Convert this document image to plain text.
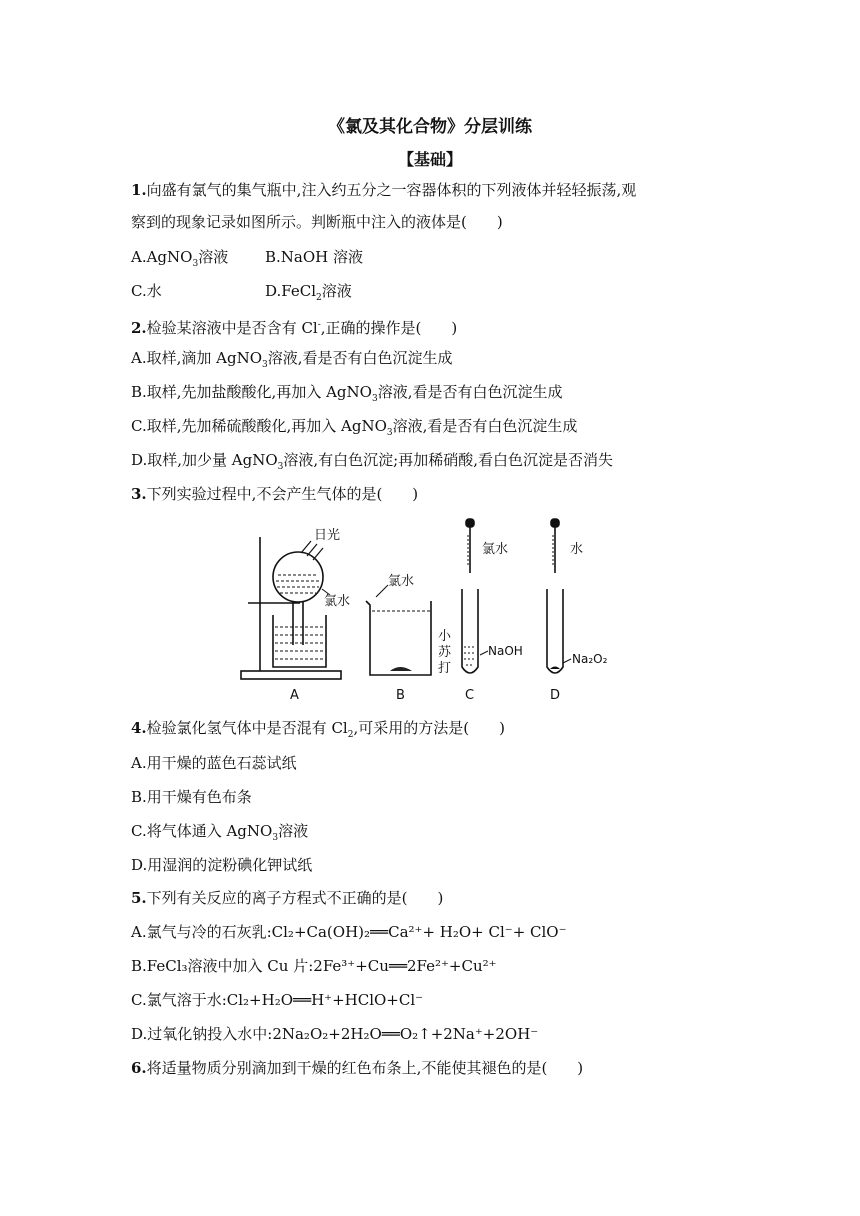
《氯及其化合物》分层训练
【基础】
1.向盛有氯气的集气瓶中,注入约五分之一容器体积的下列液体并轻轻振荡,观
察到的现象记录如图所示。判断瓶中注入的液体是(　　)
A.AgNO$_3$溶液 B.NaOH 溶液
C.水	D.FeCl$_2$溶液
2.检验某溶液中是否含有 Cl-,正确的操作是(　　)
A.取样,滴加 AgNO$_3$溶液,看是否有白色沉淀生成
B.取样,先加盐酸酸化,再加入 AgNO$_3$溶液,看是否有白色沉淀生成
C.取样,先加稀硫酸酸化,再加入 AgNO$_3$溶液,看是否有白色沉淀生成
D.取样,加少量 AgNO$_3$溶液,有白色沉淀;再加稀硝酸,看白色沉淀是否消失
3.下列实验过程中,不会产生气体的是(　　)
日光
氯水
氯水
小
苏
打
氯水
NaOH
水
Na₂O₂
A	B	C	D
4.检验氯化氢气体中是否混有 $Cl_2$,可采用的方法是(　　)
A.用干燥的蓝色石蕊试纸
B.用干燥有色布条
C.将气体通入 AgNO$_3$溶液
D.用湿润的淀粉碘化钾试纸
5.下列有关反应的离子方程式不正确的是(　　)
A.氯气与冷的石灰乳:Cl₂+Ca(OH)₂══Ca²⁺+ H₂O+ Cl⁻+ ClO⁻
B.FeCl₃溶液中加入 Cu 片:2Fe³⁺+Cu══2Fe²⁺+Cu²⁺
C.氯气溶于水:Cl₂+H₂O══H⁺+HClO+Cl⁻
D.过氧化钠投入水中:2Na₂O₂+2H₂O══O₂↑+2Na⁺+2OH⁻
6.将适量物质分别滴加到干燥的红色布条上,不能使其褪色的是(　　)
